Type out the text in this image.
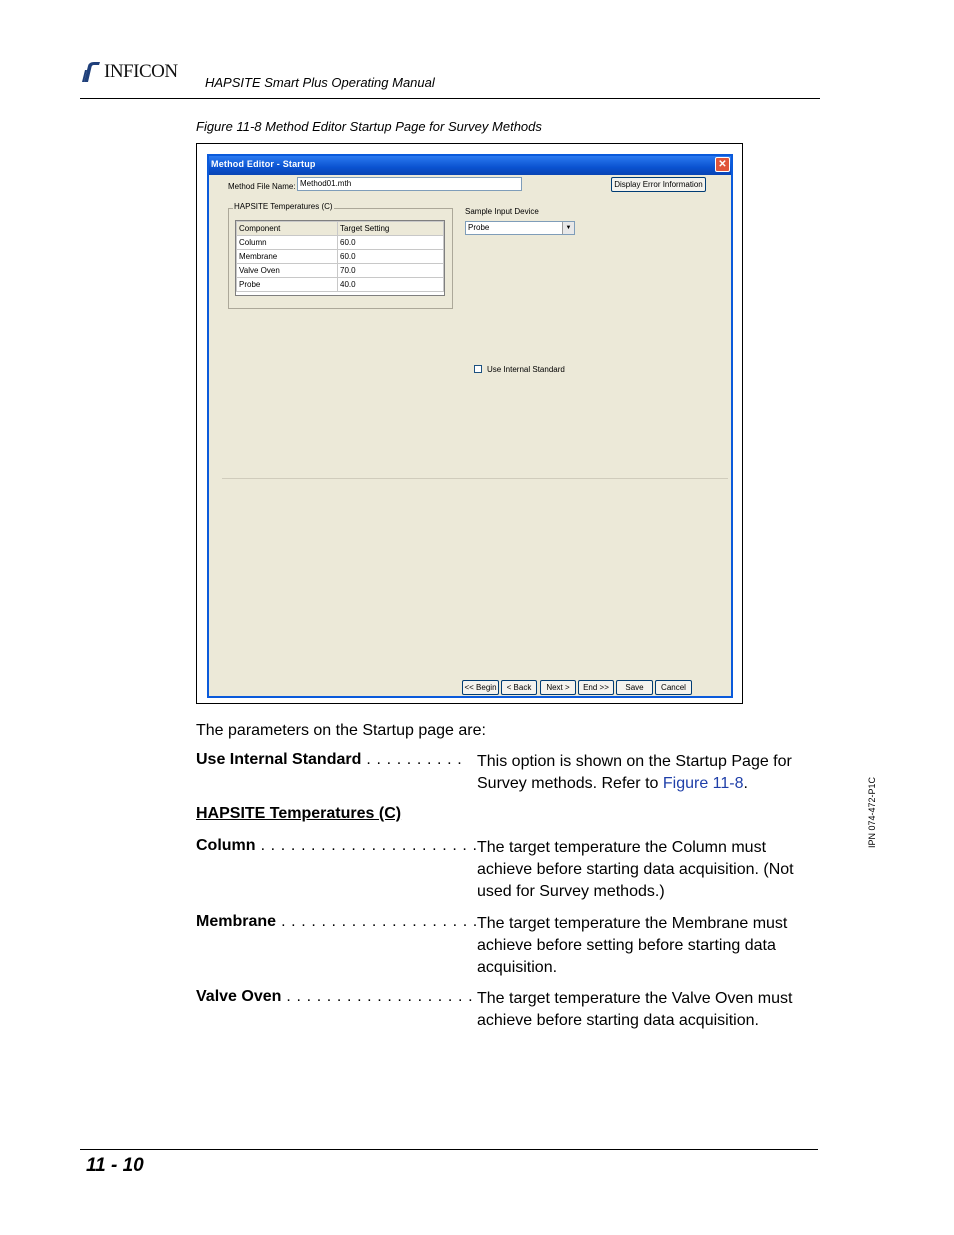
INFICON
HAPSITE Smart Plus Operating Manual
Figure 11-8 Method Editor Startup Page for Survey Methods
Method Editor - Startup	✕
Method File Name: Method01.mth	Display Error Information
HAPSITE Temperatures (C)
Component	Target Setting
Column	60.0
Membrane	60.0
Valve Oven	70.0
Probe	40.0
Sample Input Device
Probe	▼
Use Internal Standard
<< Begin	< Back	Next >	End >>	Save	Cancel
The parameters on the Startup page are:
Use Internal Standard . . . . . . . . . . This option is shown on the Startup Page for Survey methods. Refer to Figure 11-8.
HAPSITE Temperatures (C)
Column . . . . . . . . . . . . . . . . . . . . . . The target temperature the Column must achieve before starting data acquisition. (Not used for Survey methods.)
Membrane . . . . . . . . . . . . . . . . . . . . The target temperature the Membrane must achieve before setting before starting data acquisition.
Valve Oven . . . . . . . . . . . . . . . . . . . The target temperature the Valve Oven must achieve before starting data acquisition.
IPN 074-472-P1C
11 - 10
